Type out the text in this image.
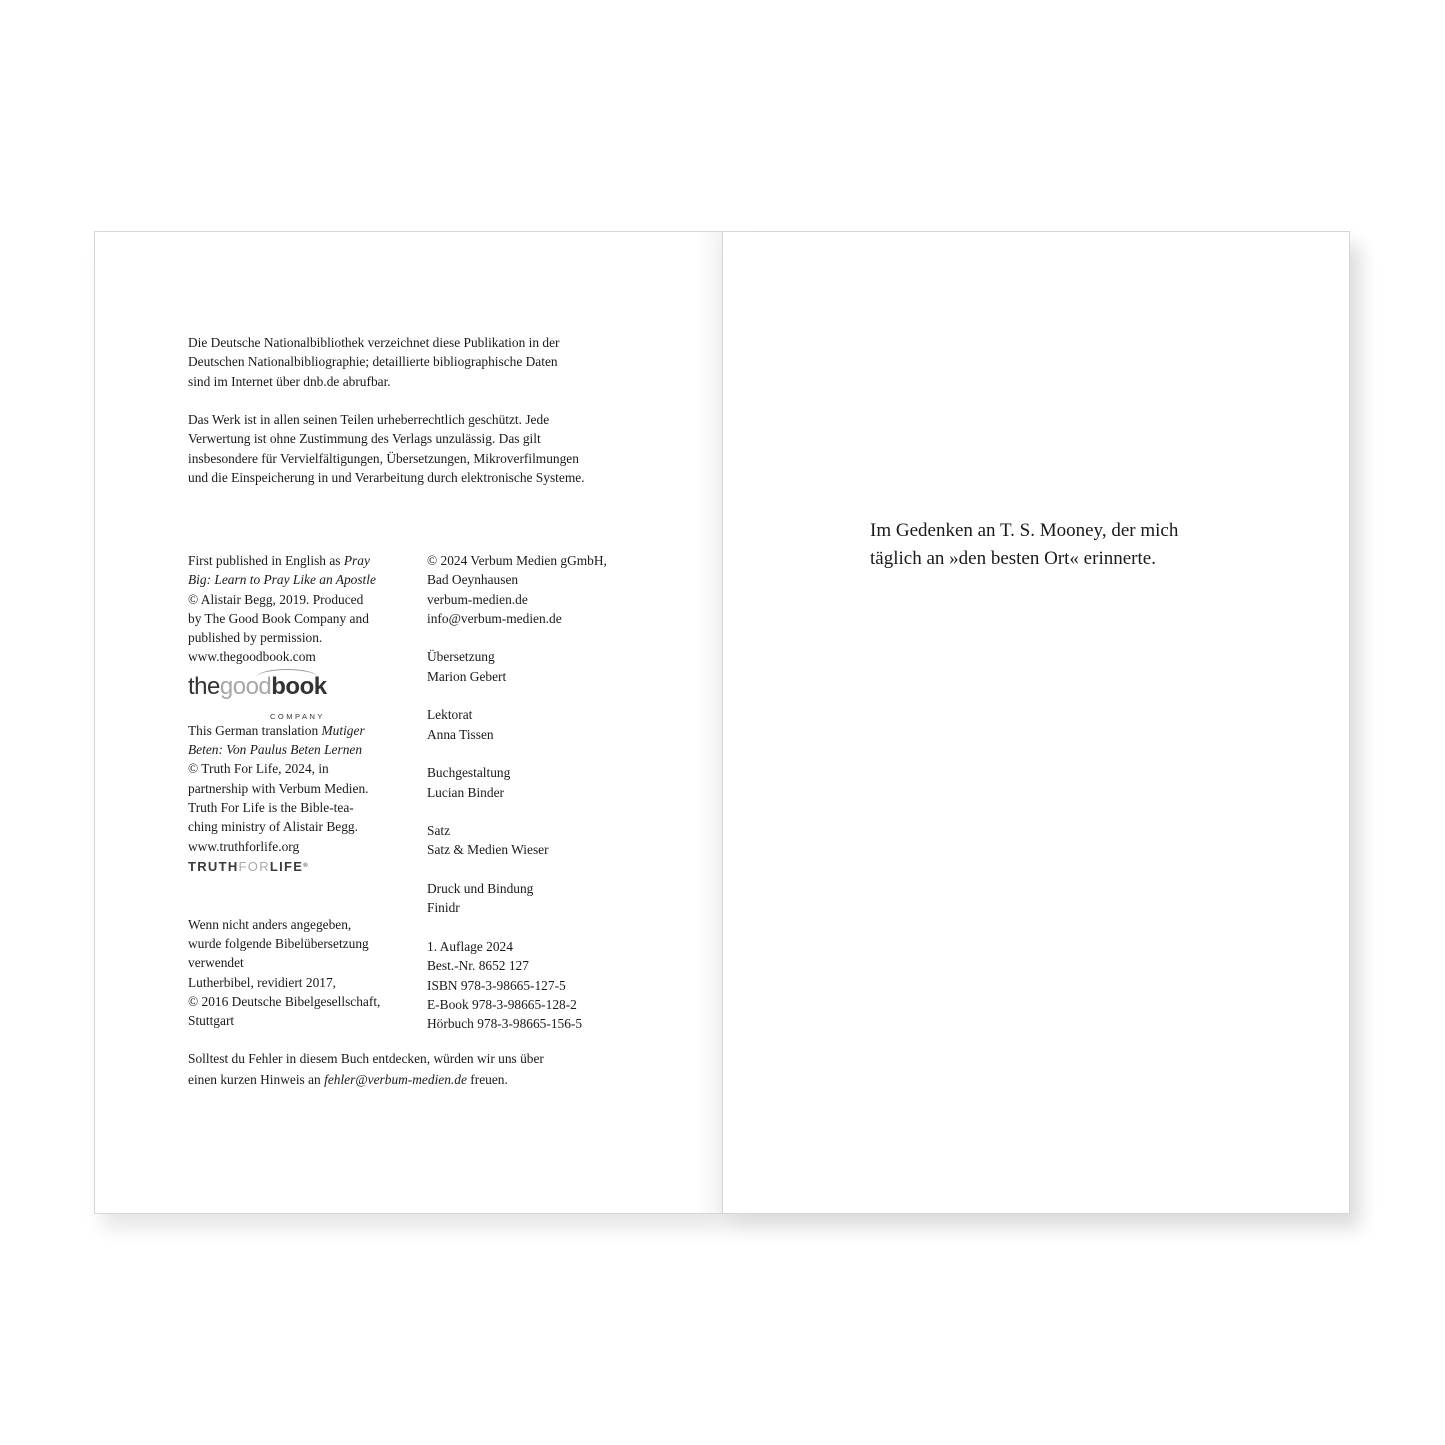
Die Deutsche Nationalbibliothek verzeichnet diese Publikation in der
Deutschen Nationalbibliographie; detaillierte bibliographische Daten
sind im Internet über dnb.de abrufbar.

Das Werk ist in allen seinen Teilen urheberrechtlich geschützt. Jede
Verwertung ist ohne Zustimmung des Verlags unzulässig. Das gilt
insbesondere für Vervielfältigungen, Übersetzungen, Mikroverfilmungen
und die Einspeicherung in und Verarbeitung durch elektronische Systeme.

First published in English as Pray
Big: Learn to Pray Like an Apostle
© Alistair Begg, 2019. Produced
by The Good Book Company and
published by permission.
www.thegoodbook.com
thegoodbook
COMPANY
This German translation Mutiger
Beten: Von Paulus Beten Lernen
© Truth For Life, 2024, in
partnership with Verbum Medien.
Truth For Life is the Bible-tea-
ching ministry of Alistair Begg.
www.truthforlife.org
TRUTHFORLIFE®
Wenn nicht anders angegeben,
wurde folgende Bibelübersetzung
verwendet
Lutherbibel, revidiert 2017,
© 2016 Deutsche Bibelgesellschaft,
Stuttgart
© 2024 Verbum Medien gGmbH,
Bad Oeynhausen
verbum-medien.de
info@verbum-medien.de
Übersetzung
Marion Gebert
Lektorat
Anna Tissen
Buchgestaltung
Lucian Binder
Satz
Satz & Medien Wieser
Druck und Bindung
Finidr
1. Auflage 2024
Best.-Nr. 8652 127
ISBN 978-3-98665-127-5
E-Book 978-3-98665-128-2
Hörbuch 978-3-98665-156-5

Solltest du Fehler in diesem Buch entdecken, würden wir uns über
einen kurzen Hinweis an fehler@verbum-medien.de freuen.

Im Gedenken an T. S. Mooney, der mich
täglich an »den besten Ort« erinnerte.
